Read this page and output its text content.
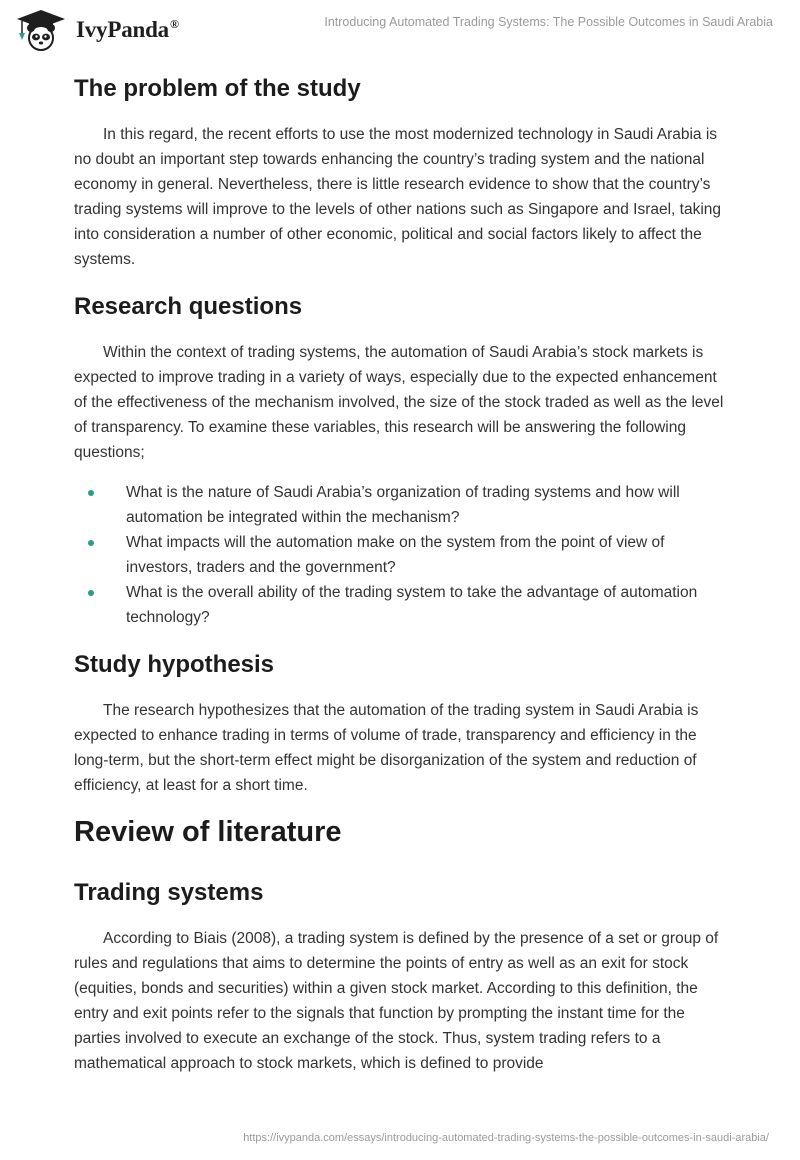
IvyPanda®	Introducing Automated Trading Systems: The Possible Outcomes in Saudi Arabia
The problem of the study

In this regard, the recent efforts to use the most modernized technology in Saudi Arabia is no doubt an important step towards enhancing the country’s trading system and the national economy in general. Nevertheless, there is little research evidence to show that the country’s trading systems will improve to the levels of other nations such as Singapore and Israel, taking into consideration a number of other economic, political and social factors likely to affect the systems.

Research questions

Within the context of trading systems, the automation of Saudi Arabia’s stock markets is expected to improve trading in a variety of ways, especially due to the expected enhancement of the effectiveness of the mechanism involved, the size of the stock traded as well as the level of transparency. To examine these variables, this research will be answering the following questions;

What is the nature of Saudi Arabia’s organization of trading systems and how will automation be integrated within the mechanism?
What impacts will the automation make on the system from the point of view of investors, traders and the government?
What is the overall ability of the trading system to take the advantage of automation technology?
Study hypothesis

The research hypothesizes that the automation of the trading system in Saudi Arabia is expected to enhance trading in terms of volume of trade, transparency and efficiency in the long-term, but the short-term effect might be disorganization of the system and reduction of efficiency, at least for a short time.

Review of literature
Trading systems

According to Biais (2008), a trading system is defined by the presence of a set or group of rules and regulations that aims to determine the points of entry as well as an exit for stock (equities, bonds and securities) within a given stock market. According to this definition, the entry and exit points refer to the signals that function by prompting the instant time for the parties involved to execute an exchange of the stock. Thus, system trading refers to a mathematical approach to stock markets, which is defined to provide

https://ivypanda.com/essays/introducing-automated-trading-systems-the-possible-outcomes-in-saudi-arabia/
